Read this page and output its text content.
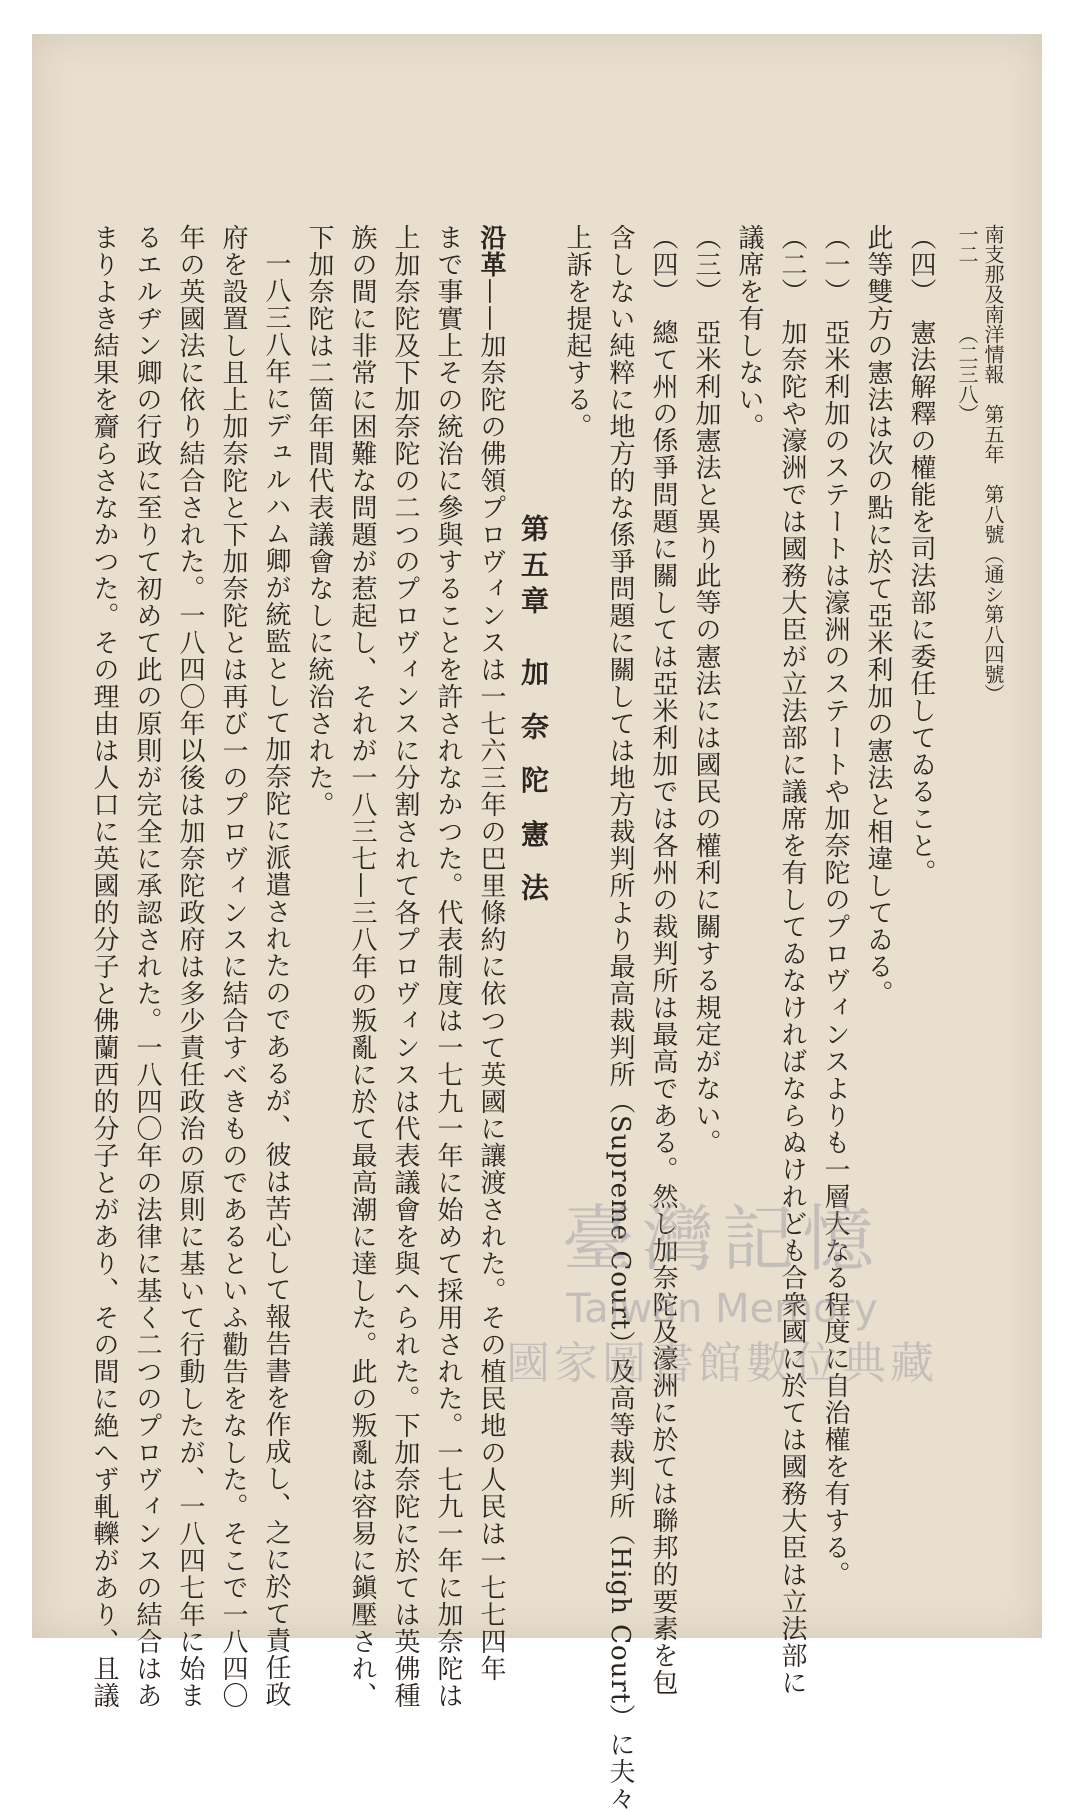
南支那及南洋情報　第五年　第八號（通シ第八四號）
一二
（二三八）
（四）　憲法解釋の權能を司法部に委任してゐること。
此等雙方の憲法は次の點に於て亞米利加の憲法と相違してゐる。
（一）　亞米利加のステートは濠洲のステートや加奈陀のプロヴィンスよりも一層大なる程度に自治權を有する。
（二）　加奈陀や濠洲では國務大臣が立法部に議席を有してゐなければならぬけれども合衆國に於ては國務大臣は立法部に
議席を有しない。
（三）　亞米利加憲法と異り此等の憲法には國民の權利に關する規定がない。
（四）　總て州の係爭問題に關しては亞米利加では各州の裁判所は最高である。然し加奈陀及濠洲に於ては聯邦的要素を包
含しない純粹に地方的な係爭問題に關しては地方裁判所より最高裁判所（Supreme Court）及高等裁判所（High Court）に夫々
上訴を提起する。
第五章　加 奈 陀 憲 法
沿革——加奈陀の佛領プロヴィンスは一七六三年の巴里條約に依つて英國に讓渡された。その植民地の人民は一七七四年
まで事實上その統治に參與することを許されなかつた。代表制度は一七九一年に始めて採用された。一七九一年に加奈陀は
上加奈陀及下加奈陀の二つのプロヴィンスに分割されて各プロヴィンスは代表議會を與へられた。下加奈陀に於ては英佛種
族の間に非常に困難な問題が惹起し、それが一八三七—三八年の叛亂に於て最高潮に達した。此の叛亂は容易に鎭壓され、
下加奈陀は二箇年間代表議會なしに統治された。
一八三八年にデュルハム卿が統監として加奈陀に派遣されたのであるが、彼は苦心して報告書を作成し、之に於て責任政
府を設置し且上加奈陀と下加奈陀とは再び一のプロヴィンスに結合すべきものであるといふ勸告をなした。そこで一八四〇
年の英國法に依り結合された。一八四〇年以後は加奈陀政府は多少責任政治の原則に基いて行動したが、一八四七年に始ま
るエルヂン卿の行政に至りて初めて此の原則が完全に承認された。一八四〇年の法律に基く二つのプロヴィンスの結合はあ
まりよき結果を齎らさなかつた。その理由は人口に英國的分子と佛蘭西的分子とがあり、その間に絶へず軋轢があり、且議	臺灣記憶
Taiwan Memory
國家圖書館數位典藏
